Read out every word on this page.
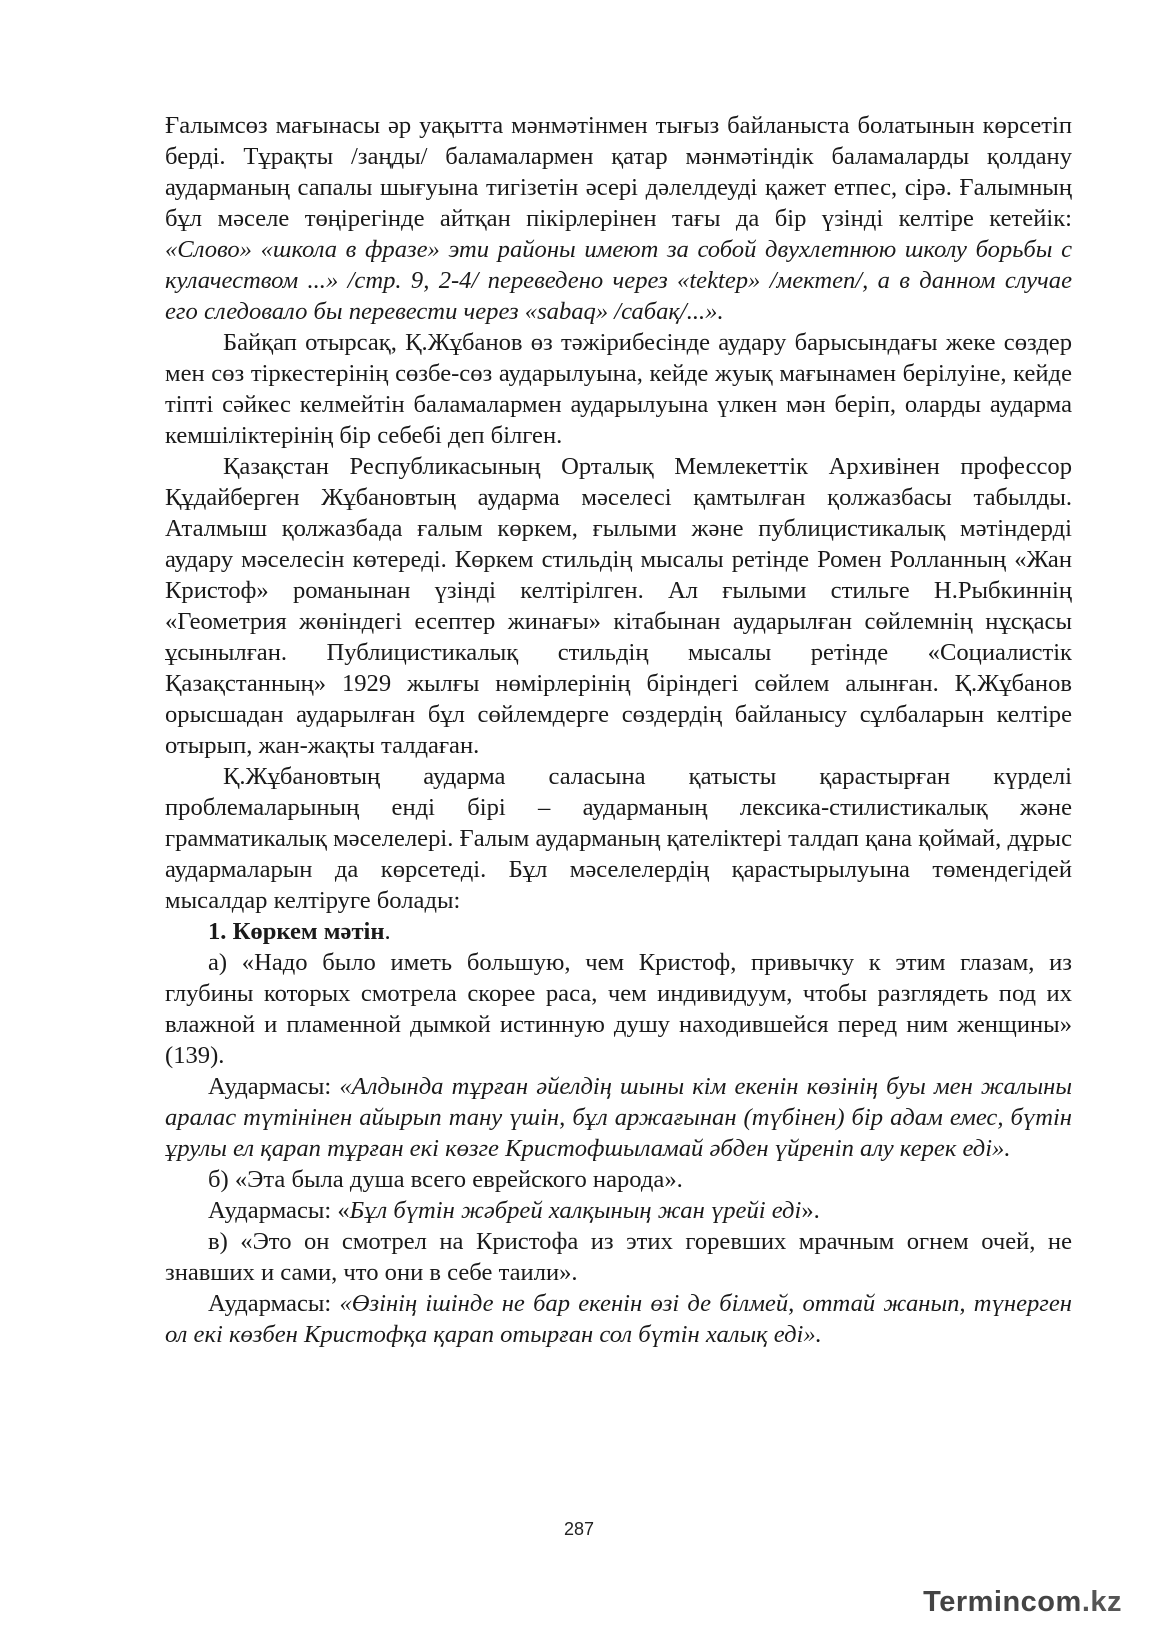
Ғалымсөз мағынасы әр уақытта мәнмәтінмен тығыз байланыста болатынын көрсетіп берді. Тұрақты /заңды/ баламалармен қатар мәнмәтіндік баламаларды қолдану аударманың сапалы шығуына тигізетін әсері дәлелдеуді қажет етпес, сірә. Ғалымның бұл мәселе төңірегінде айтқан пікірлерінен тағы да бір үзінді келтіре кетейік: «Слово» «школа в фразе» эти районы имеют за собой двухлетнюю школу борьбы с кулачеством ...» /стр. 9, 2-4/ переведено через «tektep» /мектеп/, а в данном случае его следовало бы перевести через «sabaq» /сабақ/...».

Байқап отырсақ, Қ.Жұбанов өз тәжірибесінде аудару барысындағы жеке сөздер мен сөз тіркестерінің сөзбе-сөз аударылуына, кейде жуық мағынамен берілуіне, кейде тіпті сәйкес келмейтін баламалармен аударылуына үлкен мән беріп, оларды аударма кемшіліктерінің бір себебі деп білген.

Қазақстан Республикасының Орталық Мемлекеттік Архивінен профессор Құдайберген Жұбановтың аударма мәселесі қамтылған қолжазбасы табылды. Аталмыш қолжазбада ғалым көркем, ғылыми және публицистикалық мәтіндерді аудару мәселесін көтереді. Көркем стильдің мысалы ретінде Ромен Ролланның «Жан Кристоф» романынан үзінді келтірілген. Ал ғылыми стильге Н.Рыбкиннің «Геометрия жөніндегі есептер жинағы» кітабынан аударылған сөйлемнің нұсқасы ұсынылған. Публицистикалық стильдің мысалы ретінде «Социалистік Қазақстанның» 1929 жылғы нөмірлерінің біріндегі сөйлем алынған. Қ.Жұбанов орысшадан аударылған бұл сөйлемдерге сөздердің байланысу сұлбаларын келтіре отырып, жан-жақты талдаған.

Қ.Жұбановтың аударма саласына қатысты қарастырған күрделі проблемаларының енді бірі – аударманың лексика-стилистикалық және грамматикалық мәселелері. Ғалым аударманың қателіктері талдап қана қоймай, дұрыс аудармаларын да көрсетеді. Бұл мәселелердің қарастырылуына төмендегідей мысалдар келтіруге болады:

1. Көркем мәтін.

а) «Надо было иметь большую, чем Кристоф, привычку к этим глазам, из глубины которых смотрела скорее раса, чем индивидуум, чтобы разглядеть под их влажной и пламенной дымкой истинную душу находившейся перед ним женщины» (139).

Аудармасы: «Алдында тұрған әйелдің шыны кім екенін көзінің буы мен жалыны аралас түтінінен айырып тану үшін, бұл аржағынан (түбінен) бір адам емес, бүтін ұрулы ел қарап тұрған екі көзге Кристофшыламай әбден үйреніп алу керек еді».

б) «Эта была душа всего еврейского народа».

Аудармасы: «Бұл бүтін жәбрей халқының жан үрейі еді».

в) «Это он смотрел на Кристофа из этих горевших мрачным огнем очей, не знавших и сами, что они в себе таили».

Аудармасы: «Өзінің ішінде не бар екенін өзі де білмей, оттай жанып, түнерген ол екі көзбен Кристофқа қарап отырған сол бүтін халық еді».

287
Termincom.kz
